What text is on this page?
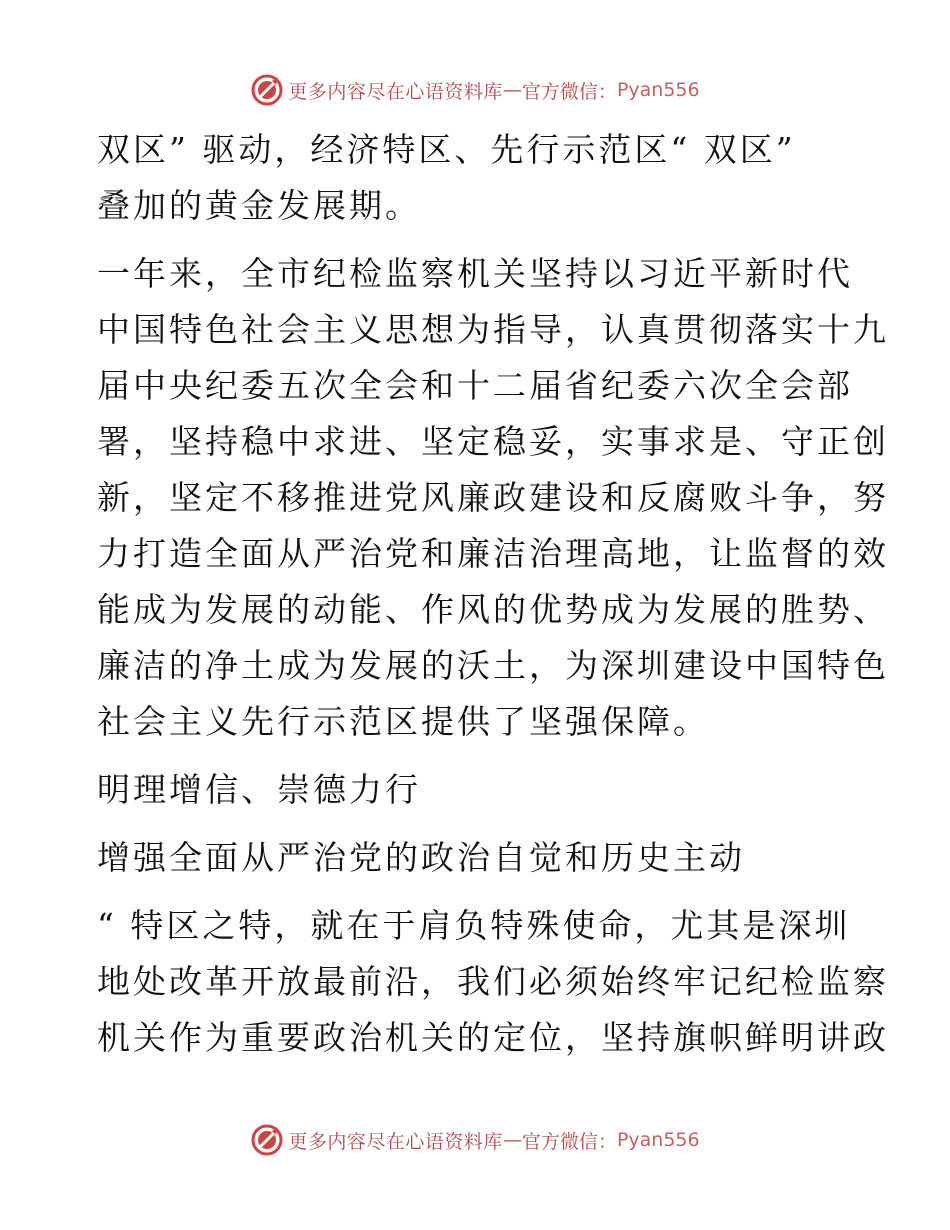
更多内容尽在心语资料库 — 官方微信： Pyan556
双区” 驱动，经济特区、先行示范区“ 双区”
叠加的黄金发展期。
一年来，全市纪检监察机关坚持以习近平新时代
中国特色社会主义思想为指导，认真贯彻落实十九
届中央纪委五次全会和十二届省纪委六次全会部
署，坚持稳中求进、坚定稳妥，实事求是、守正创
新，坚定不移推进党风廉政建设和反腐败斗争，努
力打造全面从严治党和廉洁治理高地，让监督的效
能成为发展的动能、作风的优势成为发展的胜势、
廉洁的净土成为发展的沃土，为深圳建设中国特色
社会主义先行示范区提供了坚强保障。
明理增信、崇德力行
增强全面从严治党的政治自觉和历史主动
“ 特区之特，就在于肩负特殊使命，尤其是深圳
地处改革开放最前沿，我们必须始终牢记纪检监察
机关作为重要政治机关的定位，坚持旗帜鲜明讲政
更多内容尽在心语资料库 — 官方微信： Pyan556
